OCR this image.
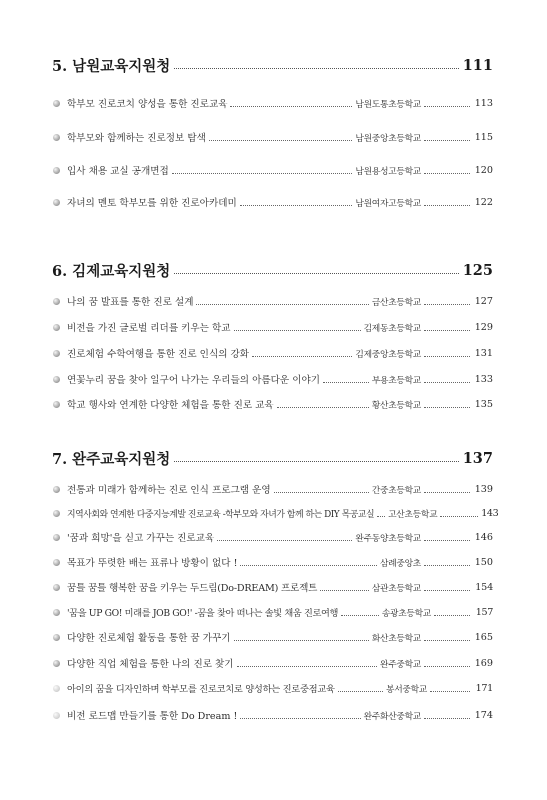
5. 남원교육지원청	111
학부모 진로코치 양성을 통한 진로교육	남원도통초등학교	113
학부모와 함께하는 진로정보 탐색	남원중앙초등학교	115
입사 채용 교실 공개면접	남원용성고등학교	120
자녀의 멘토 학부모를 위한 진로아카데미	남원여자고등학교	122
6. 김제교육지원청	125
나의 꿈 발표를 통한 진로 설계	금산초등학교	127
비전을 가진 글로벌 리더를 키우는 학교	김제동초등학교	129
진로체험 수학여행을 통한 진로 인식의 강화	김제중앙초등학교	131
연꽃누리 꿈을 찾아 일구어 나가는 우리들의 아름다운 이야기	부용초등학교	133
학교 행사와 연계한 다양한 체험을 통한 진로 교육	황산초등학교	135
7. 완주교육지원청	137
전통과 미래가 함께하는 진로 인식 프로그램 운영	간중초등학교	139
지역사회와 연계한 다중지능계발 진로교육 -학부모와 자녀가 함께 하는 DIY 목공교실 고산초등학교	143
'꿈과 희망'을 싣고 가꾸는 진로교육	완주동양초등학교	146
목표가 뚜렷한 배는 표류나 방황이 없다 !	삼례중앙초	150
꿈틀 꿈틀 행복한 꿈을 키우는 두드림(Do-DREAM) 프로젝트	삼관초등학교	154
'꿈을 UP GO! 미래를 JOB GO!' -꿈을 찾아 떠나는 솔빛 채움 진로여행	송광초등학교	157
다양한 진로체험 활동을 통한 꿈 가꾸기	화산초등학교	165
다양한 직업 체험을 통한 나의 진로 찾기	완주중학교	169
아이의 꿈을 디자인하며 학부모를 진로코치로 양성하는 진로중점교육	봉서중학교	171
비전 로드맵 만들기를 통한 Do Dream !	완주화산중학교	174
